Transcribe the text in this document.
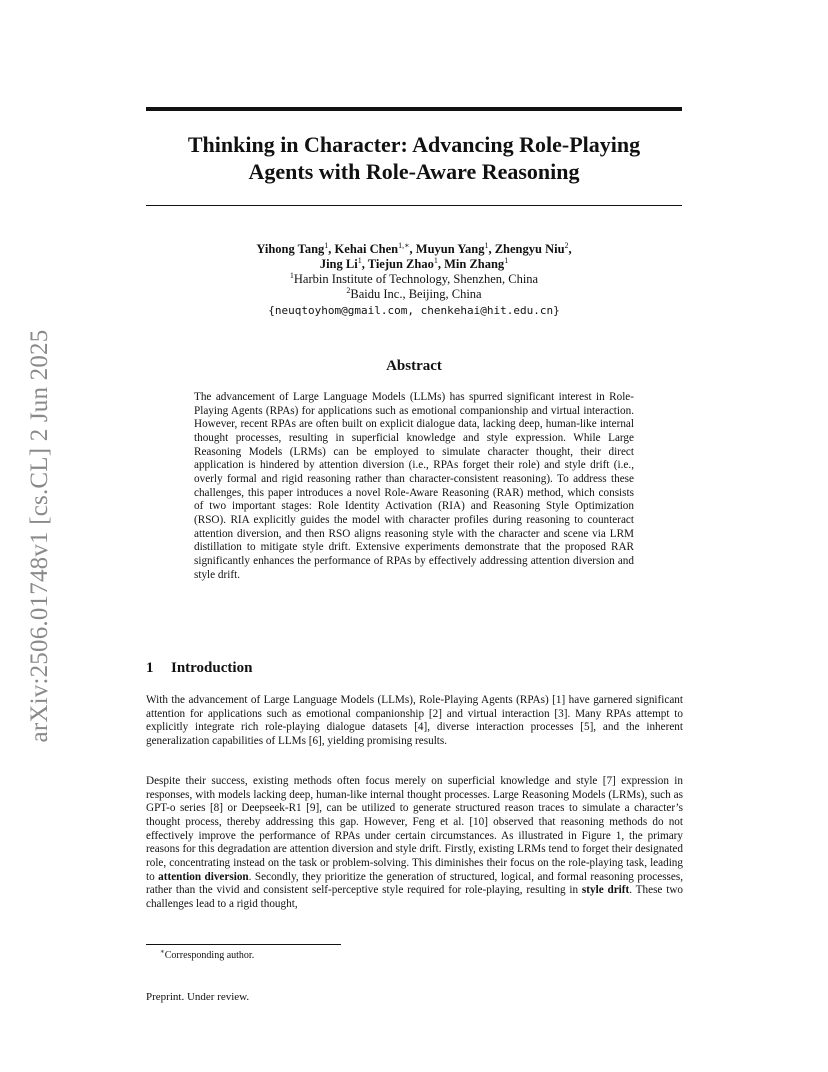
Thinking in Character: Advancing Role-Playing
Agents with Role-Aware Reasoning
arXiv:2506.01748v1 [cs.CL] 2 Jun 2025
Yihong Tang$^1$, Kehai Chen$^{1,∗}$, Muyun Yang$^1$, Zhengyu Niu$^2$,
Jing Li$^1$, Tiejun Zhao$^1$, Min Zhang$^1$
$^1$Harbin Institute of Technology, Shenzhen, China
$^2$Baidu Inc., Beijing, China
{neuqtoyhom@gmail.com, chenkehai@hit.edu.cn}
Abstract

The advancement of Large Language Models (LLMs) has spurred significant interest in Role-Playing Agents (RPAs) for applications such as emotional companionship and virtual interaction. However, recent RPAs are often built on explicit dialogue data, lacking deep, human-like internal thought processes, resulting in superficial knowledge and style expression. While Large Reasoning Models (LRMs) can be employed to simulate character thought, their direct application is hindered by attention diversion (i.e., RPAs forget their role) and style drift (i.e., overly formal and rigid reasoning rather than character-consistent reasoning). To address these challenges, this paper introduces a novel Role-Aware Reasoning (RAR) method, which consists of two important stages: Role Identity Activation (RIA) and Reasoning Style Optimization (RSO). RIA explicitly guides the model with character profiles during reasoning to counteract attention diversion, and then RSO aligns reasoning style with the character and scene via LRM distillation to mitigate style drift. Extensive experiments demonstrate that the proposed RAR significantly enhances the performance of RPAs by effectively addressing attention diversion and style drift.

1 Introduction

With the advancement of Large Language Models (LLMs), Role-Playing Agents (RPAs) [1] have garnered significant attention for applications such as emotional companionship [2] and virtual interaction [3]. Many RPAs attempt to explicitly integrate rich role-playing dialogue datasets [4], diverse interaction processes [5], and the inherent generalization capabilities of LLMs [6], yielding promising results.

Despite their success, existing methods often focus merely on superficial knowledge and style [7] expression in responses, with models lacking deep, human-like internal thought processes. Large Reasoning Models (LRMs), such as GPT-o series [8] or Deepseek-R1 [9], can be utilized to generate structured reason traces to simulate a character’s thought process, thereby addressing this gap. However, Feng et al. [10] observed that reasoning methods do not effectively improve the performance of RPAs under certain circumstances. As illustrated in Figure 1, the primary reasons for this degradation are attention diversion and style drift. Firstly, existing LRMs tend to forget their designated role, concentrating instead on the task or problem-solving. This diminishes their focus on the role-playing task, leading to attention diversion. Secondly, they prioritize the generation of structured, logical, and formal reasoning processes, rather than the vivid and consistent self-perceptive style required for role-playing, resulting in style drift. These two challenges lead to a rigid thought,

∗Corresponding author.

Preprint. Under review.
